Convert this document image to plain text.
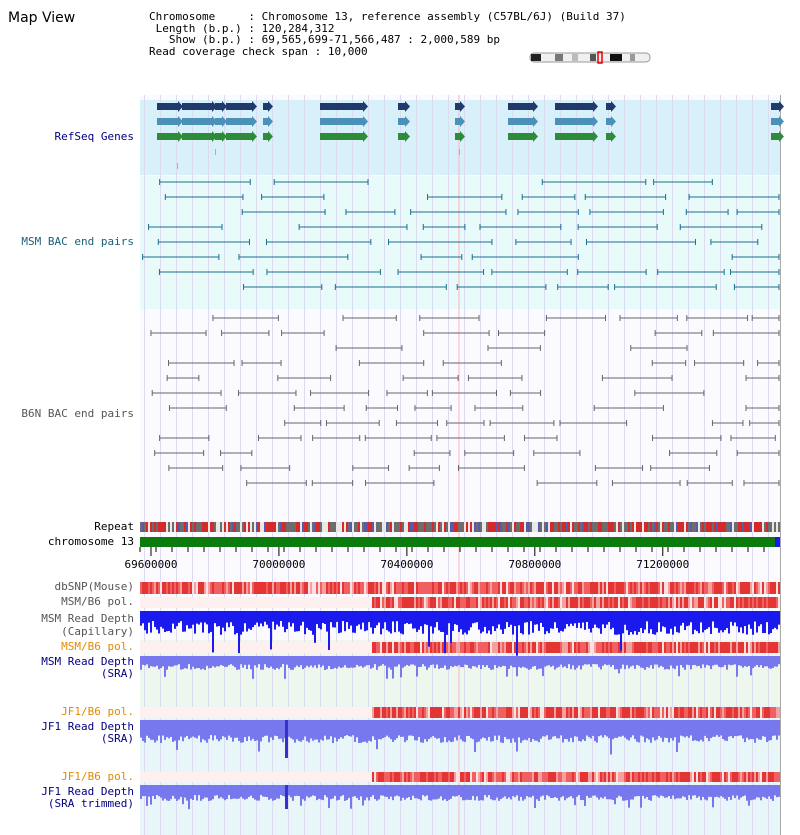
Map View	Chromosome     : Chromosome 13, reference assembly (C57BL/6J) (Build 37)
Length (b.p.) : 120,284,312
Show (b.p.) : 69,565,699-71,566,487 : 2,000,589 bp
Read coverage check span : 10,000
69600000	70000000	70400000	70800000	71200000
RefSeq Genes
MSM BAC end pairs
B6N BAC end pairs
Repeat
chromosome 13
dbSNP(Mouse)
MSM/B6 pol.
MSM Read Depth
(Capillary)
MSM/B6 pol.
MSM Read Depth
(SRA)
JF1/B6 pol.
JF1 Read Depth
(SRA)
JF1/B6 pol.
JF1 Read Depth
(SRA trimmed)
